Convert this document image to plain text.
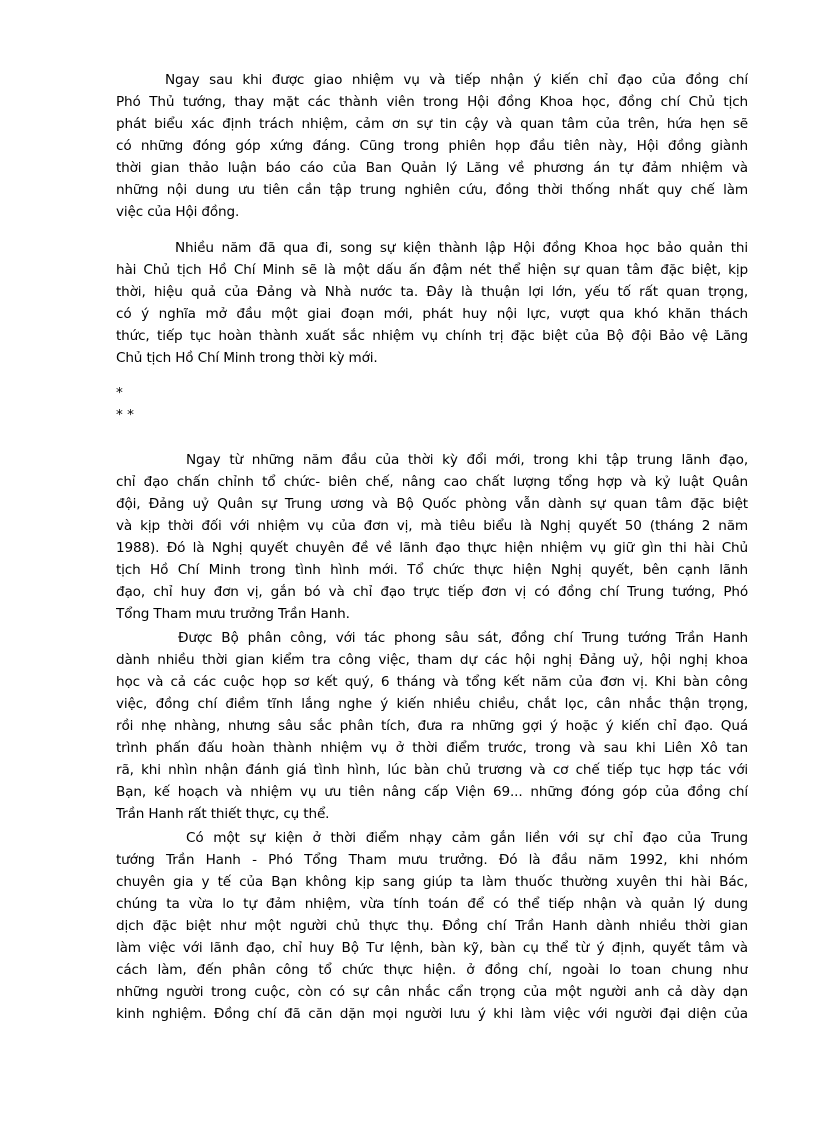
Ngay sau khi được giao nhiệm vụ và tiếp nhận ý kiến chỉ đạo của đồng chí
Phó Thủ tướng, thay mặt các thành viên trong Hội đồng Khoa học, đồng chí Chủ tịch
phát biểu xác định trách nhiệm, cảm ơn sự tin cậy và quan tâm của trên, hứa hẹn sẽ
có những đóng góp xứng đáng. Cũng trong phiên họp đầu tiên này, Hội đồng giành
thời gian thảo luận báo cáo của Ban Quản lý Lăng về phương án tự đảm nhiệm và
những nội dung ưu tiên cần tập trung nghiên cứu, đồng thời thống nhất quy chế làm
việc của Hội đồng.
Nhiều năm đã qua đi, song sự kiện thành lập Hội đồng Khoa học bảo quản thi
hài Chủ tịch Hồ Chí Minh sẽ là một dấu ấn đậm nét thể hiện sự quan tâm đặc biệt, kịp
thời, hiệu quả của Đảng và Nhà nước ta. Đây là thuận lợi lớn, yếu tố rất quan trọng,
có ý nghĩa mở đầu một giai đoạn mới, phát huy nội lực, vượt qua khó khăn thách
thức, tiếp tục hoàn thành xuất sắc nhiệm vụ chính trị đặc biệt của Bộ đội Bảo vệ Lăng
Chủ tịch Hồ Chí Minh trong thời kỳ mới.
*
* *
Ngay từ những năm đầu của thời kỳ đổi mới, trong khi tập trung lãnh đạo,
chỉ đạo chấn chỉnh tổ chức- biên chế, nâng cao chất lượng tổng hợp và kỷ luật Quân
đội, Đảng uỷ Quân sự Trung ương và Bộ Quốc phòng vẫn dành sự quan tâm đặc biệt
và kịp thời đối với nhiệm vụ của đơn vị, mà tiêu biểu là Nghị quyết 50 (tháng 2 năm
1988). Đó là Nghị quyết chuyên đề về lãnh đạo thực hiện nhiệm vụ giữ gìn thi hài Chủ
tịch Hồ Chí Minh trong tình hình mới. Tổ chức thực hiện Nghị quyết, bên cạnh lãnh
đạo, chỉ huy đơn vị, gắn bó và chỉ đạo trực tiếp đơn vị có đồng chí Trung tướng, Phó
Tổng Tham mưu trưởng Trần Hanh.
Được Bộ phân công, với tác phong sâu sát, đồng chí Trung tướng Trần Hanh
dành nhiều thời gian kiểm tra công việc, tham dự các hội nghị Đảng uỷ, hội nghị khoa
học và cả các cuộc họp sơ kết quý, 6 tháng và tổng kết năm của đơn vị. Khi bàn công
việc, đồng chí điềm tĩnh lắng nghe ý kiến nhiều chiều, chắt lọc, cân nhắc thận trọng,
rồi nhẹ nhàng, nhưng sâu sắc phân tích, đưa ra những gợi ý hoặc ý kiến chỉ đạo. Quá
trình phấn đấu hoàn thành nhiệm vụ ở thời điểm trước, trong và sau khi Liên Xô tan
rã, khi nhìn nhận đánh giá tình hình, lúc bàn chủ trương và cơ chế tiếp tục hợp tác với
Bạn, kế hoạch và nhiệm vụ ưu tiên nâng cấp Viện 69... những đóng góp của đồng chí
Trần Hanh rất thiết thực, cụ thể.
Có một sự kiện ở thời điểm nhạy cảm gắn liền với sự chỉ đạo của Trung
tướng Trần Hanh - Phó Tổng Tham mưu trưởng. Đó là đầu năm 1992, khi nhóm
chuyên gia y tế của Bạn không kịp sang giúp ta làm thuốc thường xuyên thi hài Bác,
chúng ta vừa lo tự đảm nhiệm, vừa tính toán để có thể tiếp nhận và quản lý dung
dịch đặc biệt như một người chủ thực thụ. Đồng chí Trần Hanh dành nhiều thời gian
làm việc với lãnh đạo, chỉ huy Bộ Tư lệnh, bàn kỹ, bàn cụ thể từ ý định, quyết tâm và
cách làm, đến phân công tổ chức thực hiện. ở đồng chí, ngoài lo toan chung như
những người trong cuộc, còn có sự cân nhắc cẩn trọng của một người anh cả dày dạn
kinh nghiệm. Đồng chí đã căn dặn mọi người lưu ý khi làm việc với người đại diện của
